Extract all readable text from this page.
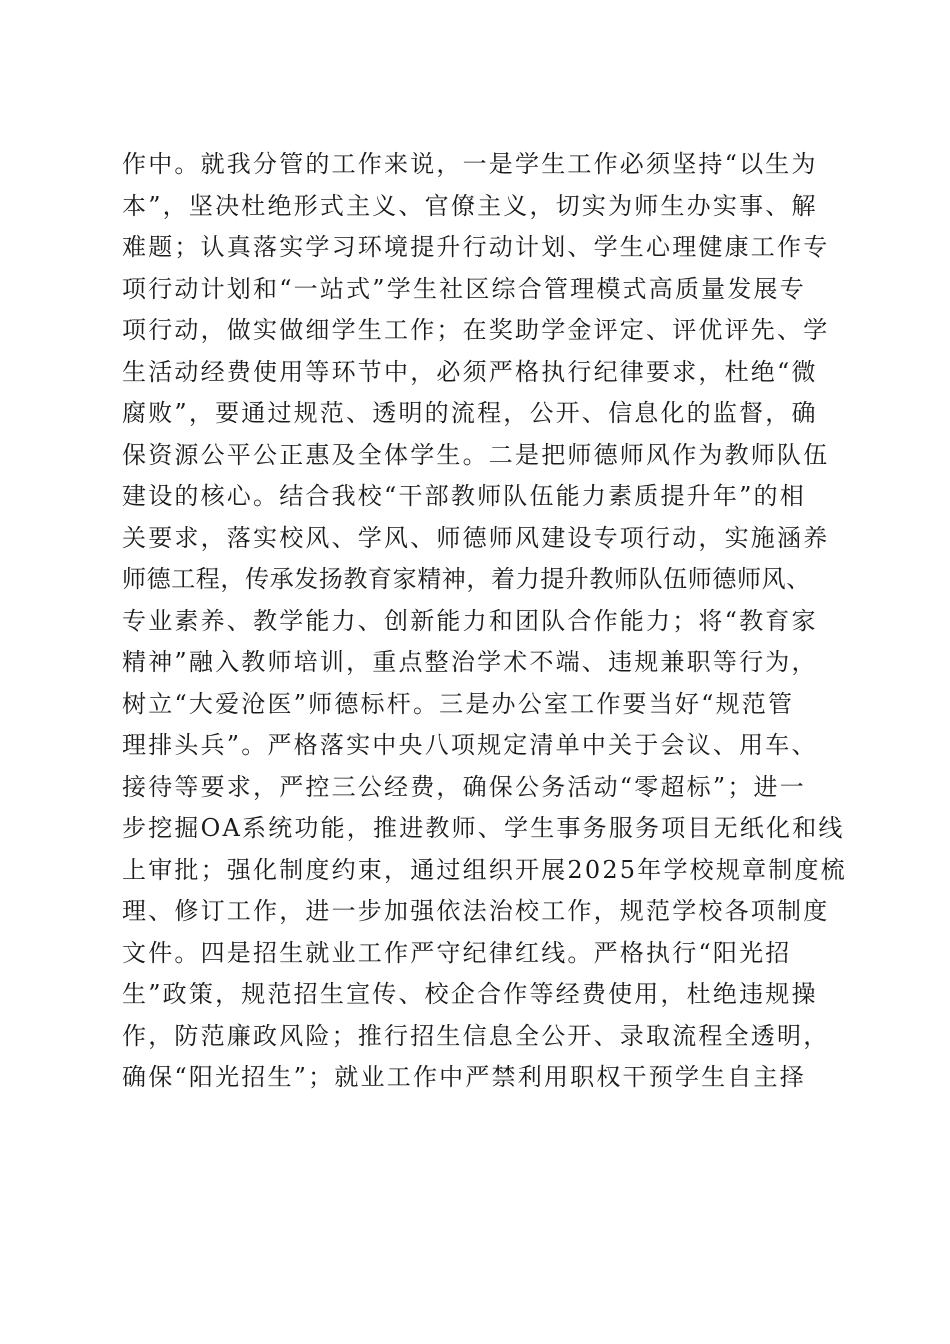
作中。就我分管的工作来说，一是学生工作必须坚持“以生为
本”，坚决杜绝形式主义、官僚主义，切实为师生办实事、解
难题；认真落实学习环境提升行动计划、学生心理健康工作专
项行动计划和“一站式”学生社区综合管理模式高质量发展专
项行动，做实做细学生工作；在奖助学金评定、评优评先、学
生活动经费使用等环节中，必须严格执行纪律要求，杜绝“微
腐败”，要通过规范、透明的流程，公开、信息化的监督，确
保资源公平公正惠及全体学生。二是把师德师风作为教师队伍
建设的核心。结合我校“干部教师队伍能力素质提升年”的相
关要求，落实校风、学风、师德师风建设专项行动，实施涵养
师德工程，传承发扬教育家精神，着力提升教师队伍师德师风、
专业素养、教学能力、创新能力和团队合作能力；将“教育家
精神”融入教师培训，重点整治学术不端、违规兼职等行为，
树立“大爱沧医”师德标杆。三是办公室工作要当好“规范管
理排头兵”。严格落实中央八项规定清单中关于会议、用车、
接待等要求，严控三公经费，确保公务活动“零超标”；进一
步挖掘OA系统功能，推进教师、学生事务服务项目无纸化和线
上审批；强化制度约束，通过组织开展2025年学校规章制度梳
理、修订工作，进一步加强依法治校工作，规范学校各项制度
文件。四是招生就业工作严守纪律红线。严格执行“阳光招
生”政策，规范招生宣传、校企合作等经费使用，杜绝违规操
作，防范廉政风险；推行招生信息全公开、录取流程全透明，
确保“阳光招生”；就业工作中严禁利用职权干预学生自主择
